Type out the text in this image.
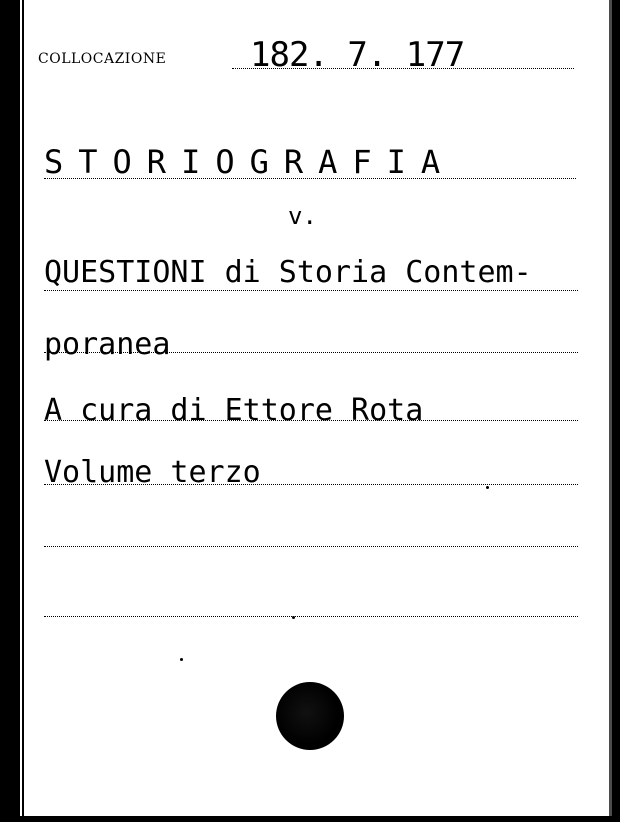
COLLOCAZIONE 182. 7. 177
STORIOGRAFIA
v.
QUESTIONI di Storia Contem-
poranea
A cura di Ettore Rota
Volume terzo
